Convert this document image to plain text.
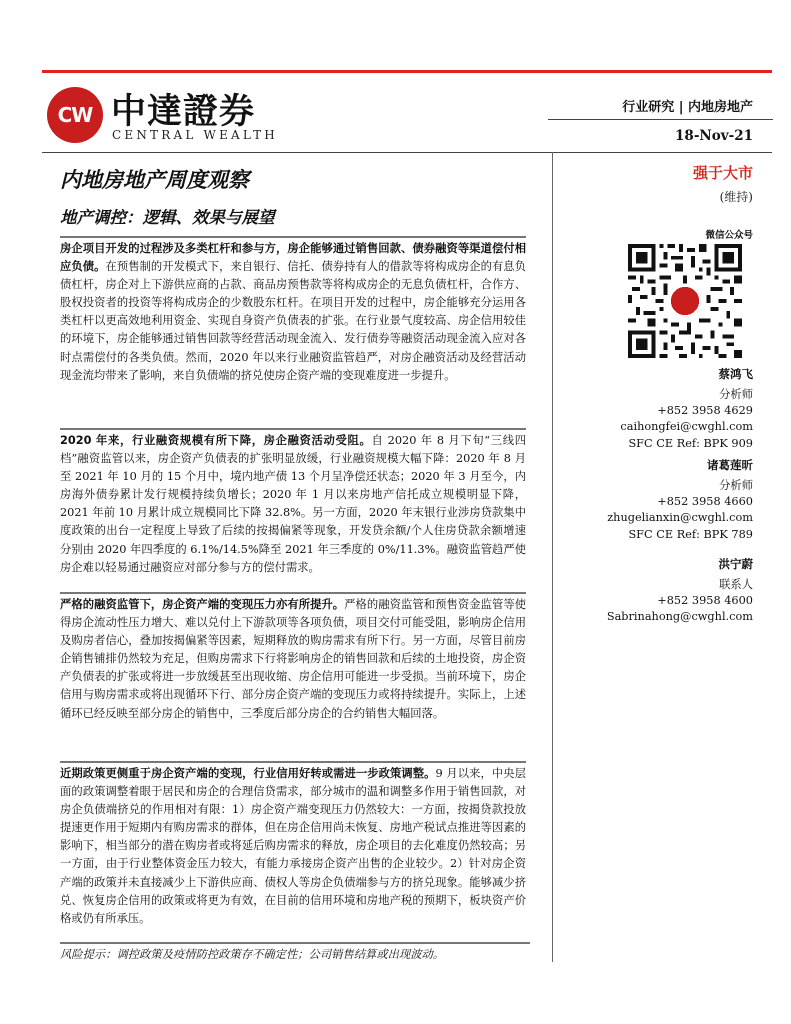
CW 中達證券
CENTRAL WEALTH
行业研究 | 内地房地产
18-Nov-21
内地房地产周度观察
地产调控：逻辑、效果与展望
强于大市
(维持)
微信公众号
蔡鸿飞
分析师
+852 3958 4629
caihongfei@cwghl.com
SFC CE Ref: BPK 909
诸葛莲昕
分析师
+852 3958 4660
zhugelianxin@cwghl.com
SFC CE Ref: BPK 789
洪宁蔚
联系人
+852 3958 4600
Sabrinahong@cwghl.com
房企项目开发的过程涉及多类杠杆和参与方，房企能够通过销售回款、债券融资等渠道偿付相应负债。在预售制的开发模式下，来自银行、信托、债券持有人的借款等将构成房企的有息负债杠杆，房企对上下游供应商的占款、商品房预售款等将构成房企的无息负债杠杆，合作方、股权投资者的投资等将构成房企的少数股东杠杆。在项目开发的过程中，房企能够充分运用各类杠杆以更高效地利用资金、实现自身资产负债表的扩张。在行业景气度较高、房企信用较佳的环境下，房企能够通过销售回款等经营活动现金流入、发行债券等融资活动现金流入应对各时点需偿付的各类负债。然而，2020 年以来行业融资监管趋严，对房企融资活动及经营活动现金流均带来了影响，来自负债端的挤兑使房企资产端的变现难度进一步提升。
2020 年来，行业融资规模有所下降，房企融资活动受阻。自 2020 年 8 月下旬“三线四档”融资监管以来，房企资产负债表的扩张明显放缓，行业融资规模大幅下降：2020 年 8 月至 2021 年 10 月的 15 个月中，境内地产债 13 个月呈净偿还状态；2020 年 3 月至今，内房海外债券累计发行规模持续负增长；2020 年 1 月以来房地产信托成立规模明显下降，2021 年前 10 月累计成立规模同比下降 32.8%。另一方面，2020 年末银行业涉房贷款集中度政策的出台一定程度上导致了后续的按揭偏紧等现象，开发贷余额/个人住房贷款余额增速分别由 2020 年四季度的 6.1%/14.5%降至 2021 年三季度的 0%/11.3%。融资监管趋严使房企难以轻易通过融资应对部分参与方的偿付需求。
严格的融资监管下，房企资产端的变现压力亦有所提升。严格的融资监管和预售资金监管等使得房企流动性压力增大、难以兑付上下游款项等各项负债，项目交付可能受阻，影响房企信用及购房者信心，叠加按揭偏紧等因素，短期释放的购房需求有所下行。另一方面，尽管目前房企销售铺排仍然较为充足，但购房需求下行将影响房企的销售回款和后续的土地投资，房企资产负债表的扩张或将进一步放缓甚至出现收缩、房企信用可能进一步受损。当前环境下，房企信用与购房需求或将出现循环下行、部分房企资产端的变现压力或将持续提升。实际上，上述循环已经反映至部分房企的销售中，三季度后部分房企的合约销售大幅回落。
近期政策更侧重于房企资产端的变现，行业信用好转或需进一步政策调整。9 月以来，中央层面的政策调整着眼于居民和房企的合理信贷需求，部分城市的温和调整多作用于销售回款，对房企负债端挤兑的作用相对有限：1）房企资产端变现压力仍然较大：一方面，按揭贷款投放提速更作用于短期内有购房需求的群体，但在房企信用尚未恢复、房地产税试点推进等因素的影响下，相当部分的潜在购房者或将延后购房需求的释放，房企项目的去化难度仍然较高；另一方面，由于行业整体资金压力较大，有能力承接房企资产出售的企业较少。2）针对房企资产端的政策并未直接减少上下游供应商、债权人等房企负债端参与方的挤兑现象。能够减少挤兑、恢复房企信用的政策或将更为有效，在目前的信用环境和房地产税的预期下，板块资产价格或仍有所承压。
风险提示：调控政策及疫情防控政策存不确定性；公司销售结算或出现波动。
